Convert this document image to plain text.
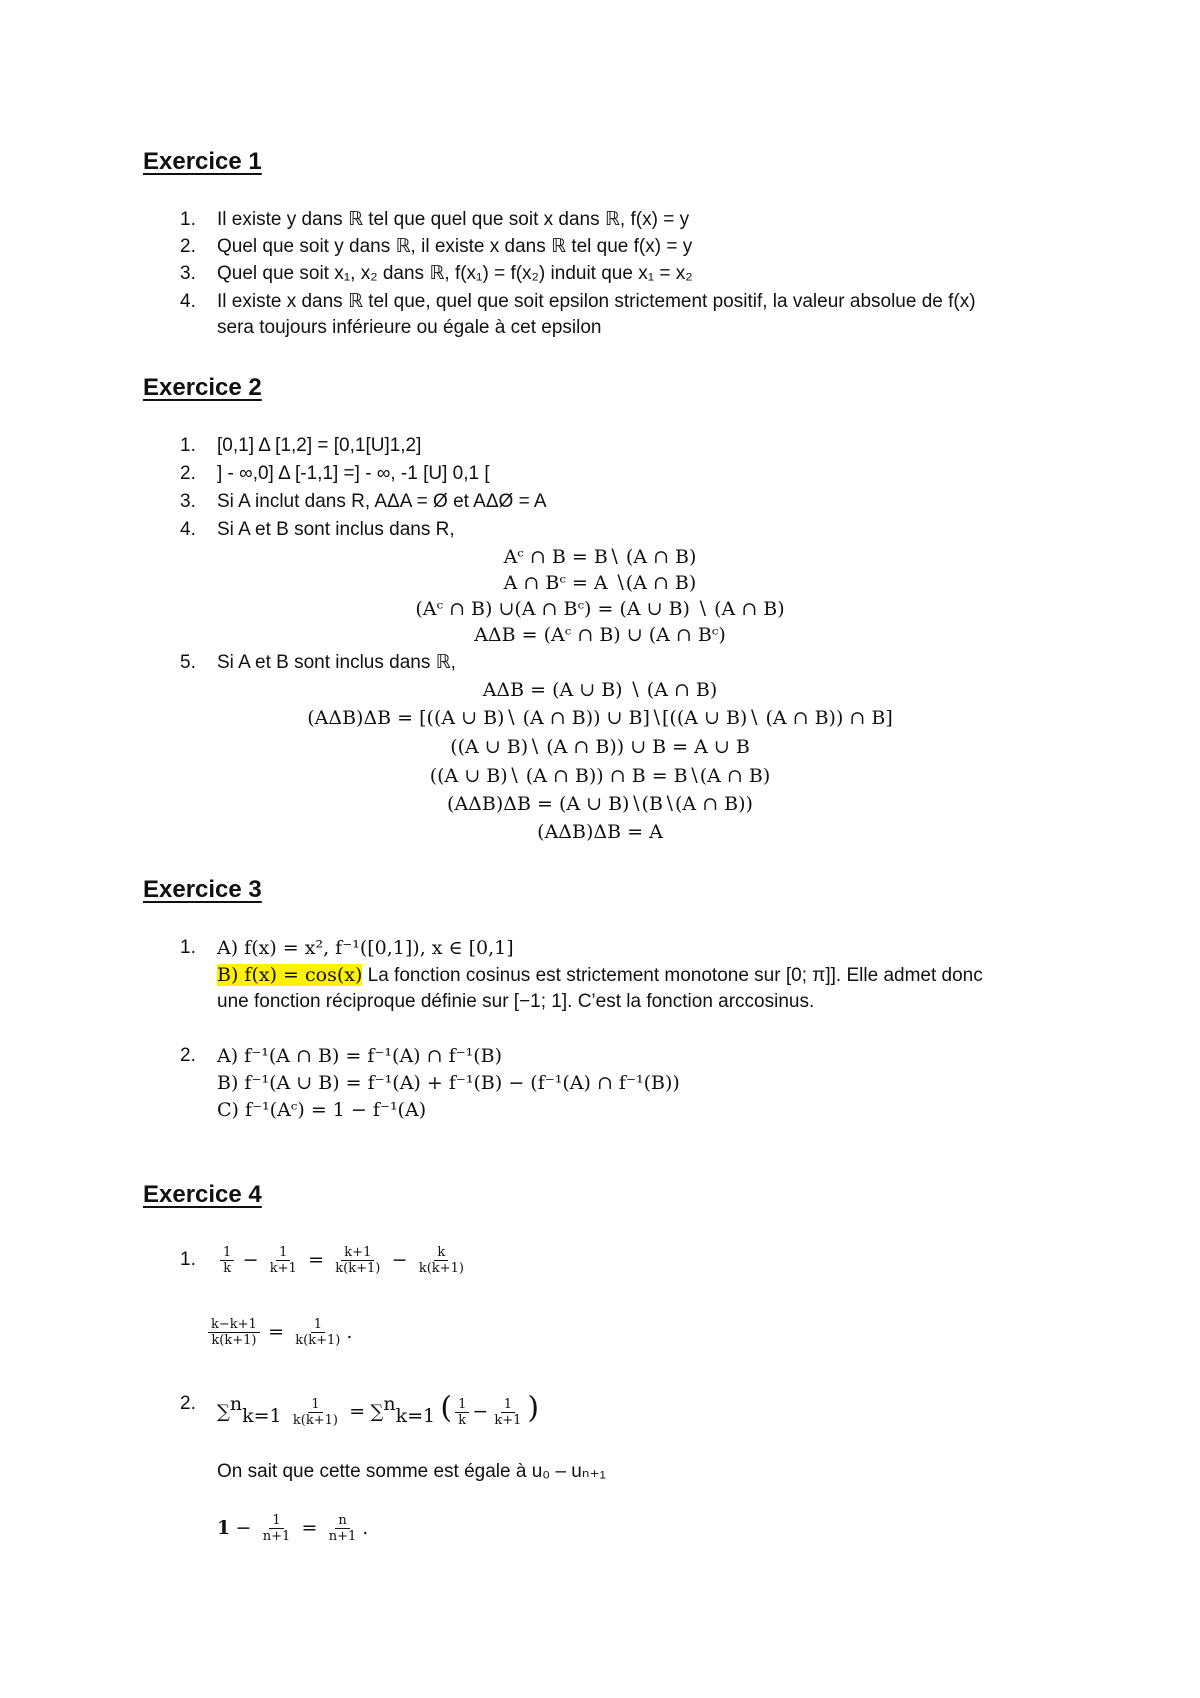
Exercice 1
1. Il existe y dans ℝ tel que quel que soit x dans ℝ, f(x) = y
2. Quel que soit y dans ℝ, il existe x dans ℝ tel que f(x) = y
3. Quel que soit x₁, x₂ dans ℝ, f(x₁) = f(x₂) induit que x₁ = x₂
4. Il existe x dans ℝ tel que, quel que soit epsilon strictement positif, la valeur absolue de f(x)
sera toujours inférieure ou égale à cet epsilon
Exercice 2
1. [0,1] Δ [1,2] = [0,1[U]1,2]
2. ] - ∞,0] Δ [-1,1] =] - ∞, -1 [U] 0,1 [
3. Si A inclut dans R, AΔA = Ø et AΔØ = A
4. Si A et B sont inclus dans R,
Aᶜ ∩ B = B∖ (A ∩ B)
A ∩ Bᶜ = A ∖(A ∩ B)
(Aᶜ ∩ B) ∪(A ∩ Bᶜ) = (A ∪ B) ∖ (A ∩ B)
AΔB = (Aᶜ ∩ B) ∪ (A ∩ Bᶜ)
5. Si A et B sont inclus dans ℝ,
AΔB = (A ∪ B) ∖ (A ∩ B)
(AΔB)ΔB = [((A ∪ B)∖ (A ∩ B)) ∪ B]∖[((A ∪ B)∖ (A ∩ B)) ∩ B]
((A ∪ B)∖ (A ∩ B)) ∪ B = A ∪ B
((A ∪ B)∖ (A ∩ B)) ∩ B = B∖(A ∩ B)
(AΔB)ΔB = (A ∪ B)∖(B∖(A ∩ B))
(AΔB)ΔB = A
Exercice 3
1. A) f(x) = x², f⁻¹([0,1]), x ∈ [0,1]
B) f(x) = cos(x) La fonction cosinus est strictement monotone sur [0; π]]. Elle admet donc
une fonction réciproque définie sur [−1; 1]. C’est la fonction arccosinus.
2. A) f⁻¹(A ∩ B) = f⁻¹(A) ∩ f⁻¹(B)
B) f⁻¹(A ∪ B) = f⁻¹(A) + f⁻¹(B) − (f⁻¹(A) ∩ f⁻¹(B))
C) f⁻¹(Aᶜ) = 1 − f⁻¹(A)
Exercice 4
1. $\frac{1}{k} - \frac{1}{k+1} = \frac{k+1}{k(k+1)} - \frac{k}{k(k+1)}$
$\frac{k-k+1}{k(k+1)} = \frac{1}{k(k+1)}$ .
2. $\sum^n_{k=1} \frac{1}{k(k+1)} = \sum^n_{k=1}$ ( $\frac{1}{k} - \frac{1}{k+1}$ )
On sait que cette somme est égale à u₀ – uₙ₊₁
$1 - \frac{1}{n+1} = \frac{n}{n+1}$ .
